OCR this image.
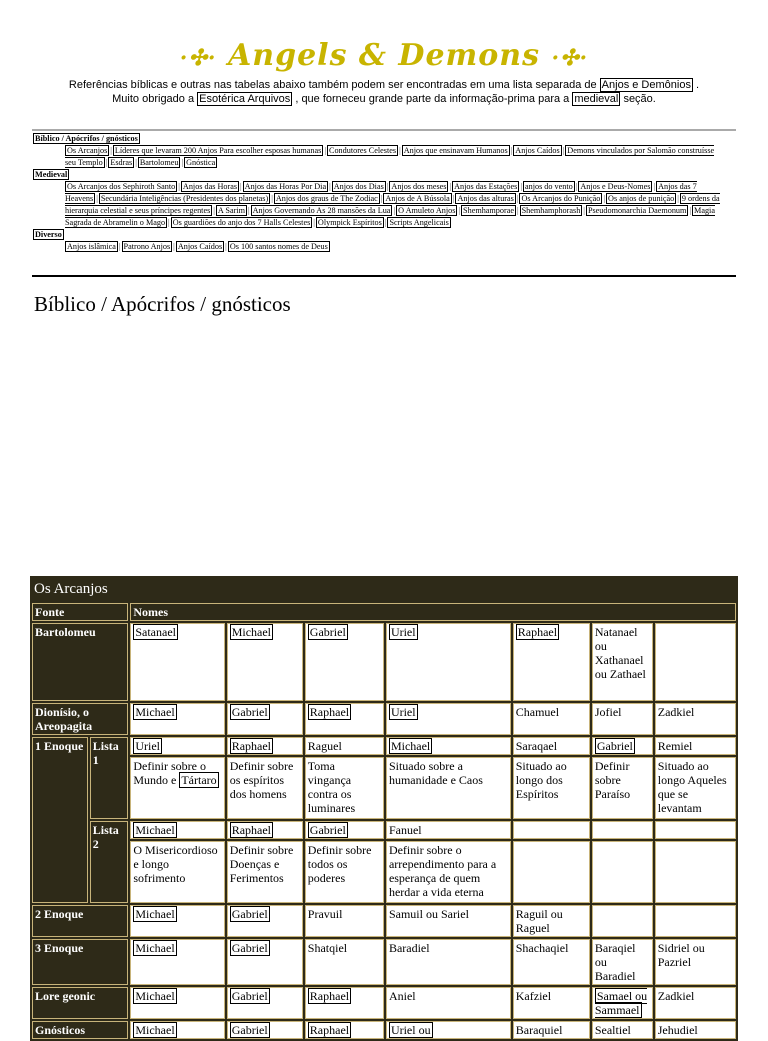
·✣· Angels & Demons ·✣·
Referências bíblicas e outras nas tabelas abaixo também podem ser encontradas em uma lista separada de Anjos e Demônios .
Muito obrigado a Esotérica Arquivos , que forneceu grande parte da informação-prima para a medieval seção.
Bíblico / Apócrifos / gnósticos
Os Arcanjos | Líderes que levaram 200 Anjos Para escolher esposas humanas | Condutores Celestes | Anjos que ensinavam Humanos | Anjos Caídos | Demons vinculados por Salomão construísse seu Templo | Esdras | Bartolomeu | Gnóstica
Medieval
Os Arcanjos dos Sephiroth Santo | Anjos das Horas | Anjos das Horas Por Dia | Anjos dos Dias | Anjos dos meses | Anjos das Estações | anjos do vento | Anjos e Deus-Nomes | Anjos das 7 Heavens | Secundária Inteligências (Presidentes dos planetas) | Anjos dos graus de The Zodiac | Anjos de A Bússola | Anjos das alturas | Os Arcanjos do Punição | Os anjos de punição | 9 ordens da hierarquia celestial e seus príncipes regentes | A Sarim | Anjos Governando As 28 mansões da Lua | O Amuleto Anjos | Shemhamporae | Shemhamphorash | Pseudomonarchia Daemonum | Magia Sagrada de Abramelin o Mago | Os guardiões do anjo dos 7 Halls Celestes | Olympick Espíritos | Scripts Angelicais
Diverso
Anjos islâmica | Patrono Anjos | Anjos Caídos | Os 100 santos nomes de Deus
Bíblico / Apócrifos / gnósticos
Os Arcanjos
Fonte		Nomes						
Bartolomeu		Satanael	Michael	Gabriel	Uriel	Raphael	Natanael ou Xathanael ou Zathael	
Dionísio, o Areopagita		Michael	Gabriel	Raphael	Uriel	Chamuel	Jofiel	Zadkiel
1 Enoque	Lista 1	Uriel	Raphael	Raguel	Michael	Saraqael	Gabriel	Remiel
		Definir sobre o Mundo e Tártaro	Definir sobre os espíritos dos homens	Toma vingança contra os luminares	Situado sobre a humanidade e Caos	Situado ao longo dos Espíritos	Definir sobre Paraíso	Situado ao longo Aqueles que se levantam
	Lista 2	Michael	Raphael	Gabriel	Fanuel			
		O Misericordioso e longo sofrimento	Definir sobre Doenças e Ferimentos	Definir sobre todos os poderes	Definir sobre o arrependimento para a esperança de quem herdar a vida eterna			
2 Enoque		Michael	Gabriel	Pravuil	Samuil ou Sariel	Raguil ou Raguel		
3 Enoque		Michael	Gabriel	Shatqiel	Baradiel	Shachaqiel	Baraqiel ou Baradiel	Sidriel ou Pazriel
Lore geonic		Michael	Gabriel	Raphael	Aniel	Kafziel	Samael ou Sammael	Zadkiel
Gnósticos		Michael	Gabriel	Raphael	Uriel ou	Baraquiel	Sealtiel	Jehudiel
